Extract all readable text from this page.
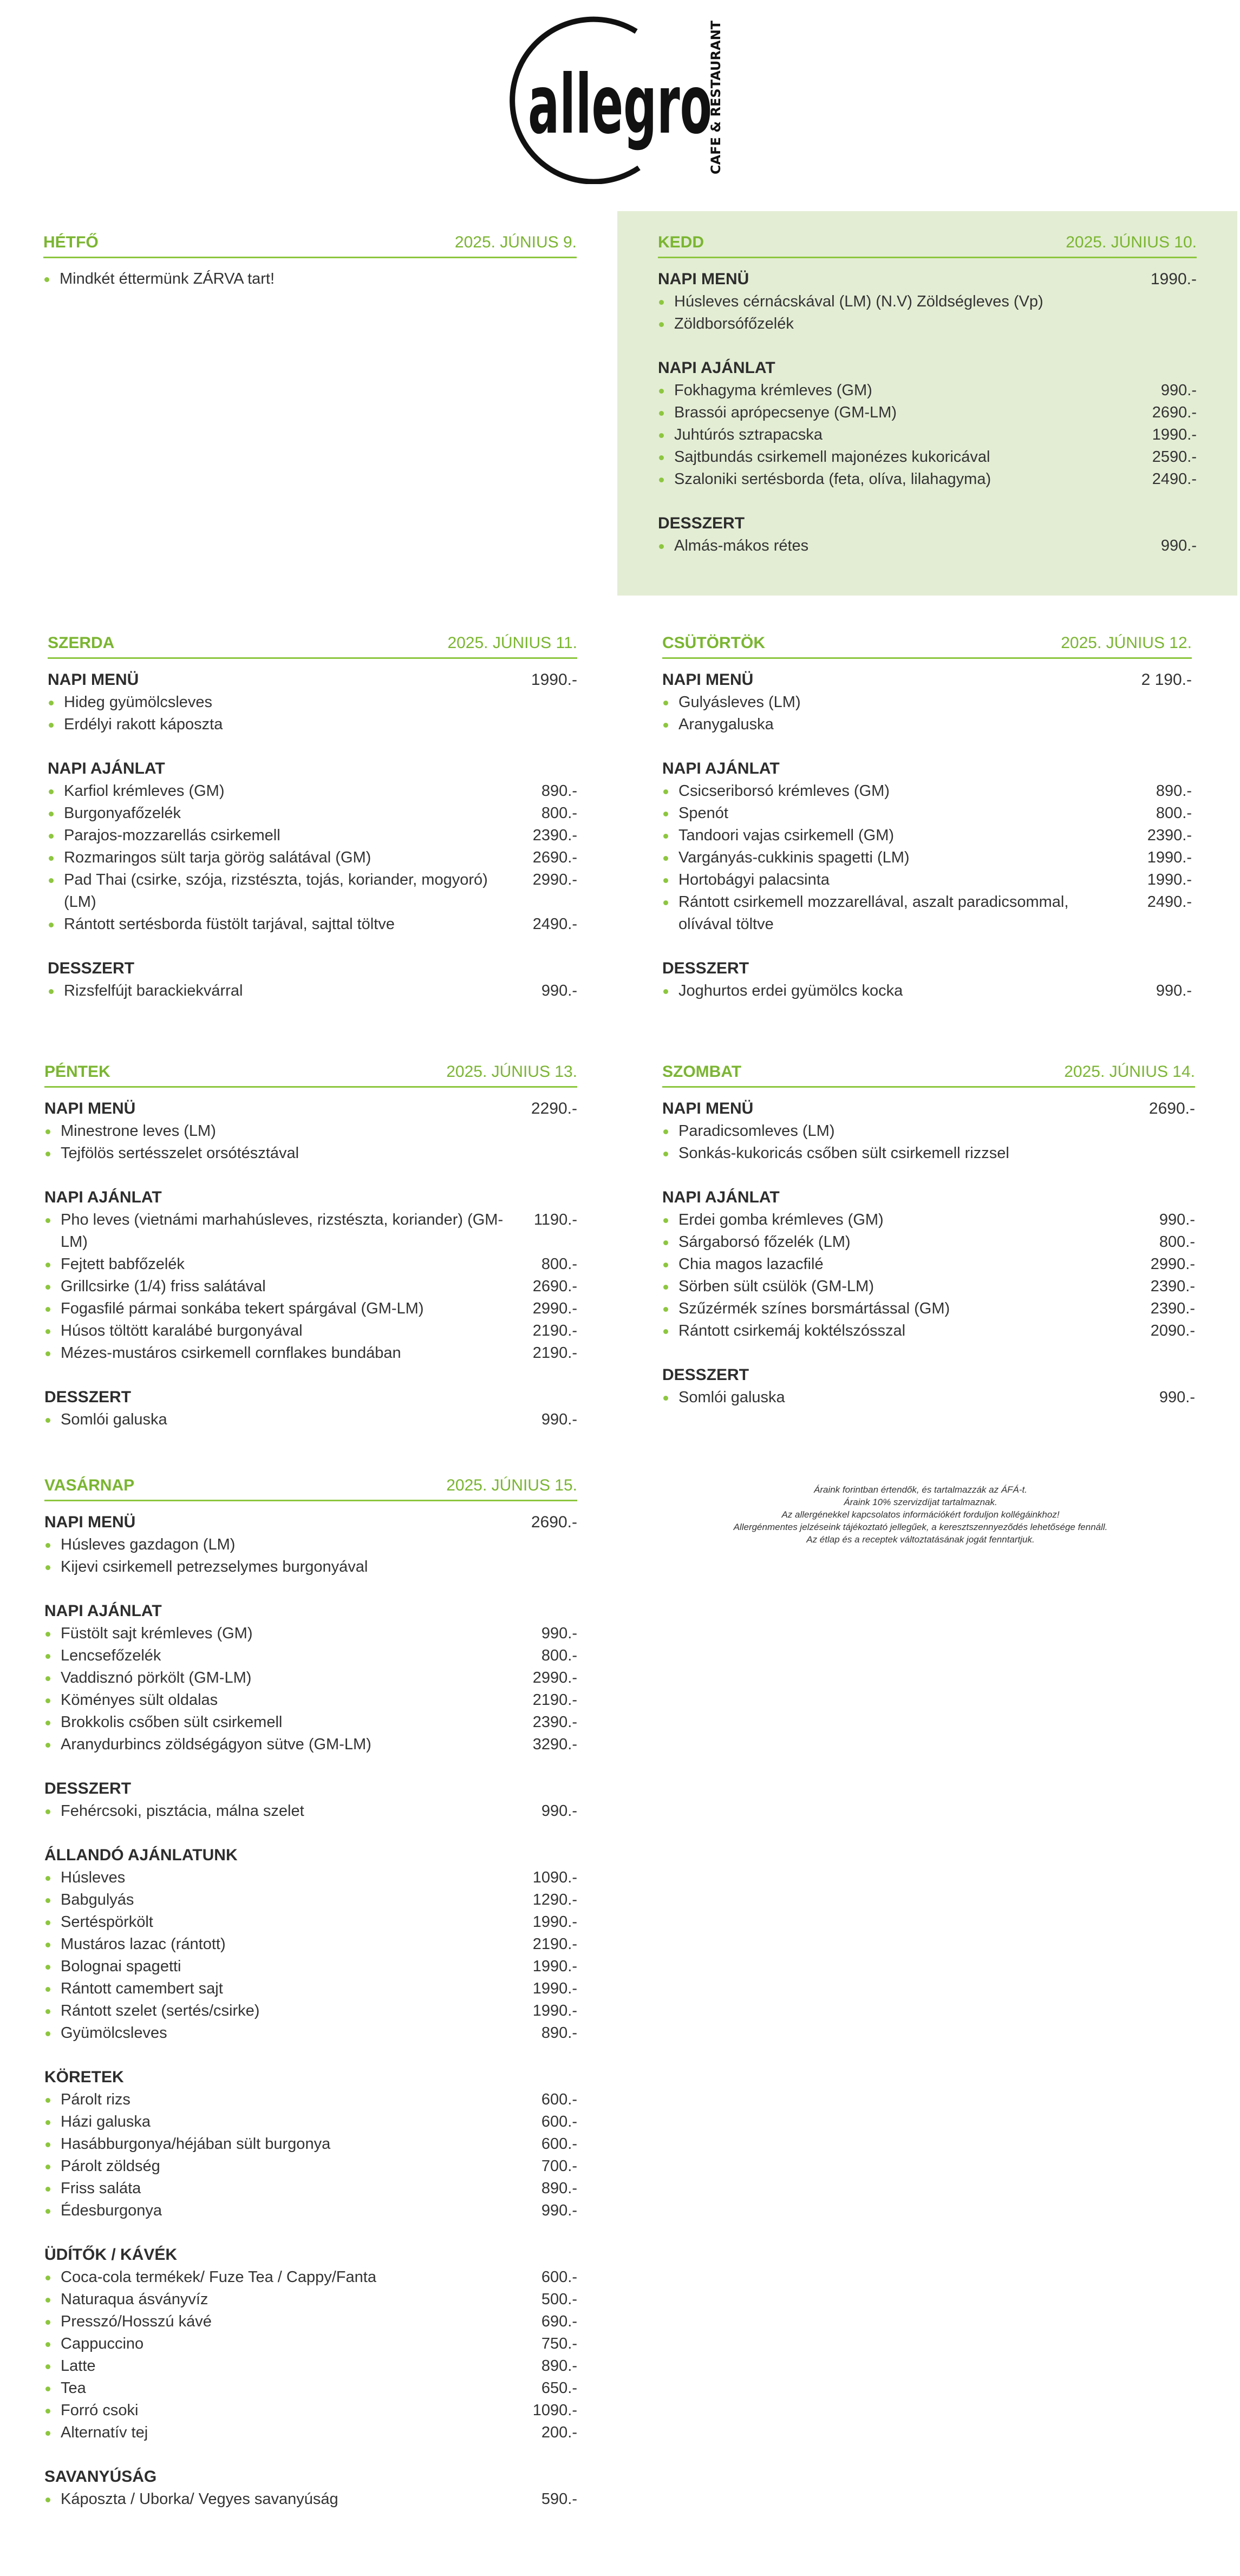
allegro
CAFE & RESTAURANT
HÉTFŐ	2025. JÚNIUS 9.
Mindkét éttermünk ZÁRVA tart!
KEDD	2025. JÚNIUS 10.
NAPI MENÜ	1990.-
Húsleves cérnácskával (LM) (N.V) Zöldségleves (Vp)
Zöldborsófőzelék
NAPI AJÁNLAT
Fokhagyma krémleves (GM)	990.-
Brassói aprópecsenye (GM-LM)	2690.-
Juhtúrós sztrapacska	1990.-
Sajtbundás csirkemell majonézes kukoricával	2590.-
Szaloniki sertésborda (feta, olíva, lilahagyma)	2490.-
DESSZERT
Almás-mákos rétes	990.-
SZERDA	2025. JÚNIUS 11.
NAPI MENÜ	1990.-
Hideg gyümölcsleves
Erdélyi rakott káposzta
NAPI AJÁNLAT
Karfiol krémleves (GM)	890.-
Burgonyafőzelék	800.-
Parajos-mozzarellás csirkemell	2390.-
Rozmaringos sült tarja görög salátával (GM)	2690.-
Pad Thai (csirke, szója, rizstészta, tojás, koriander, mogyoró) (LM)
2990.-
Rántott sertésborda füstölt tarjával, sajttal töltve	2490.-
DESSZERT
Rizsfelfújt barackiekvárral	990.-
CSÜTÖRTÖK	2025. JÚNIUS 12.
NAPI MENÜ	2 190.-
Gulyásleves (LM)
Aranygaluska
NAPI AJÁNLAT
Csicseriborsó krémleves (GM)	890.-
Spenót	800.-
Tandoori vajas csirkemell (GM)	2390.-
Vargányás-cukkinis spagetti (LM)	1990.-
Hortobágyi palacsinta	1990.-
Rántott csirkemell mozzarellával, aszalt paradicsommal, olívával töltve
2490.-
DESSZERT
Joghurtos erdei gyümölcs kocka	990.-
PÉNTEK	2025. JÚNIUS 13.
NAPI MENÜ	2290.-
Minestrone leves (LM)
Tejfölös sertésszelet orsótésztával
NAPI AJÁNLAT
Pho leves (vietnámi marhahúsleves, rizstészta, koriander) (GM-LM)
1190.-
Fejtett babfőzelék	800.-
Grillcsirke (1/4) friss salátával	2690.-
Fogasfilé pármai sonkába tekert spárgával (GM-LM)	2990.-
Húsos töltött karalábé burgonyával	2190.-
Mézes-mustáros csirkemell cornflakes bundában	2190.-
DESSZERT
Somlói galuska	990.-
SZOMBAT	2025. JÚNIUS 14.
NAPI MENÜ	2690.-
Paradicsomleves (LM)
Sonkás-kukoricás csőben sült csirkemell rizzsel
NAPI AJÁNLAT
Erdei gomba krémleves (GM)	990.-
Sárgaborsó főzelék (LM)	800.-
Chia magos lazacfilé	2990.-
Sörben sült csülök (GM-LM)	2390.-
Szűzérmék színes borsmártással (GM)	2390.-
Rántott csirkemáj koktélszósszal	2090.-
DESSZERT
Somlói galuska	990.-
VASÁRNAP	2025. JÚNIUS 15.
NAPI MENÜ	2690.-
Húsleves gazdagon (LM)
Kijevi csirkemell petrezselymes burgonyával
NAPI AJÁNLAT
Füstölt sajt krémleves (GM)	990.-
Lencsefőzelék	800.-
Vaddisznó pörkölt (GM-LM)	2990.-
Köményes sült oldalas	2190.-
Brokkolis csőben sült csirkemell	2390.-
Aranydurbincs zöldségágyon sütve (GM-LM)	3290.-
DESSZERT
Fehércsoki, pisztácia, málna szelet	990.-
ÁLLANDÓ AJÁNLATUNK
Húsleves	1090.-
Babgulyás	1290.-
Sertéspörkölt	1990.-
Mustáros lazac (rántott)	2190.-
Bolognai spagetti	1990.-
Rántott camembert sajt	1990.-
Rántott szelet (sertés/csirke)	1990.-
Gyümölcsleves	890.-
KÖRETEK
Párolt rizs	600.-
Házi galuska	600.-
Hasábburgonya/héjában sült burgonya	600.-
Párolt zöldség	700.-
Friss saláta	890.-
Édesburgonya	990.-
ÜDÍTŐK / KÁVÉK
Coca-cola termékek/ Fuze Tea / Cappy/Fanta	600.-
Naturaqua ásványvíz	500.-
Presszó/Hosszú kávé	690.-
Cappuccino	750.-
Latte	890.-
Tea	650.-
Forró csoki	1090.-
Alternatív tej	200.-
SAVANYÚSÁG
Káposzta / Uborka/ Vegyes savanyúság	590.-
Áraink forintban értendők, és tartalmazzák az ÁFÁ-t.
Áraink 10% szervizdíjat tartalmaznak.
Az allergénekkel kapcsolatos információkért forduljon kollégáinkhoz!
Allergénmentes jelzéseink tájékoztató jellegűek, a keresztszennyeződés lehetősége fennáll.
Az étlap és a receptek változtatásának jogát fenntartjuk.
